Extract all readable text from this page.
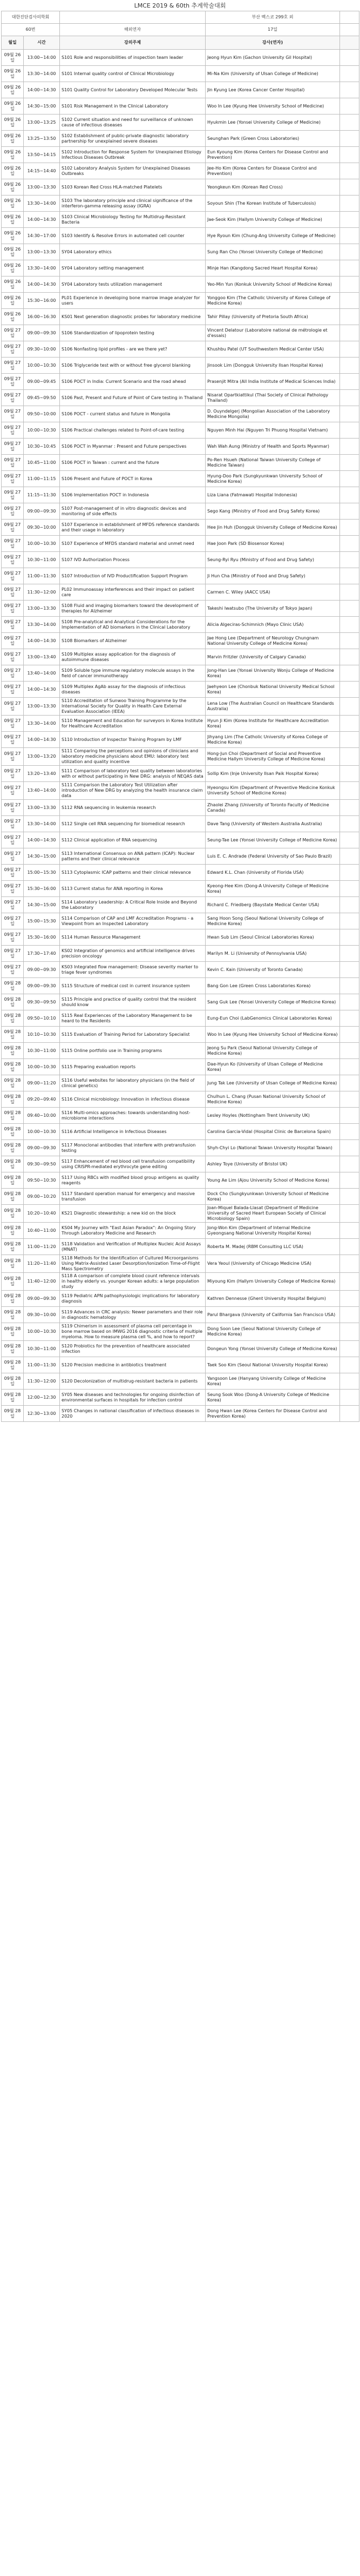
LMCE 2019 & 60th 추계학술대회
대한진단검사의학회			부산 벡스코 299호 외	
60번		해외연자	17일	
월일	시간	강의주제	강사(연자)	
09월 26일	13:00~14:00	S101 Role and responsibilities of inspection team leader	Jeong Hyun Kim (Gachon University Gil Hospital)	
09월 26일	13:30~14:00	S101 Internal quality control of Clinical Microbiology	Mi-Na Kim (University of Ulsan College of Medicine)	
09월 26일	14:00~14:30	S101 Quality Control for Laboratory Developed Molecular Tests	Jin Kyung Lee (Korea Cancer Center Hospital)	
09월 26일	14:30~15:00	S101 Risk Management in the Clinical Laboratory	Woo In Lee (Kyung Hee University School of Medicine)	
09월 26일	13:00~13:25	S102 Current situation and need for surveillance of unknown cause of infectious diseases	Hyukmin Lee (Yonsei University College of Medicine)	
09월 26일	13:25~13:50	S102 Establishment of public-private diagnostic laboratory partnership for unexplained severe diseases	Seunghan Park (Green Cross Laboratories)	
09월 26일	13:50~14:15	S102 Introduction for Response System for Unexplained Etiology Infectious Diseases Outbreak	Eun Kyoung Kim (Korea Centers for Disease Control and Prevention)	
09월 26일	14:15~14:40	S102 Laboratory Analysis System for Unexplained Diseases Outbreaks	Jee-Ho Kim (Korea Centers for Disease Control and Prevention)	
09월 26일	13:00~13:30	S103 Korean Red Cross HLA-matched Platelets	Yeongkeun Kim (Korean Red Cross)	
09월 26일	13:30~14:00	S103 The laboratory principle and clinical significance of the interferon-gamma releasing assay (IGRA)	Soyoun Shin (The Korean Institute of Tuberculosis)	
09월 26일	14:00~14:30	S103 Clinical Microbiology Testing for Multidrug-Resistant Bacteria	Jae-Seok Kim (Hallym University College of Medicine)	
09월 26일	14:30~17:00	S103 Identify & Resolve Errors in automated cell counter	Hye Ryoun Kim (Chung-Ang University College of Medicine)	
09월 26일	13:00~13:30	SY04 Laboratory ethics	Sung Ran Cho (Yonsei University College of Medicine)	
09월 26일	13:30~14:00	SY04 Laboratory setting management	Minje Han (Kangdong Sacred Heart Hospital Korea)	
09월 26일	14:00~14:30	SY04 Laboratory tests utilization management	Yeo-Min Yun (Konkuk University School of Medicine Korea)	
09월 26일	15:30~16:00	PL01 Experience in developing bone marrow image analyzer for users	Yonggoo Kim (The Catholic University of Korea College of Medicine Korea)	
09월 26일	16:00~16:30	KS01 Next generation diagnostic probes for laboratory medicine	Tahir Pillay (University of Pretoria South Africa)	
09월 27일	09:00~09:30	S106 Standardization of lipoprotein testing	Vincent Delatour (Laboratoire national de métrologie et d'essais)	
09월 27일	09:30~10:00	S106 Nonfasting lipid profiles - are we there yet?	Khushbu Patel (UT Southwestern Medical Center USA)	
09월 27일	10:00~10:30	S106 Triglyceride test with or without free glycerol blanking	Jinsook Lim (Dongguk University Ilsan Hospital Korea)	
09월 27일	09:00~09:45	S106 POCT in India: Current Scenario and the road ahead	Prasenjit Mitra (All India Institute of Medical Sciences India)	
09월 27일	09:45~09:50	S106 Past, Present and Future of Point of Care testing in Thailand	Nisarat Opartkiattikul (Thai Society of Clinical Pathology Thailand)	
09월 27일	09:50~10:00	S106 POCT - current status and future in Mongolia	D. Ouyndelgerj (Mongolian Association of the Laboratory Medicine Mongolia)	
09월 27일	10:00~10:30	S106 Practical challenges related to Point-of-care testing	Nguyen Minh Hai (Nguyen Tri Phuong Hospital Vietnam)	
09월 27일	10:30~10:45	S106 POCT in Myanmar : Present and Future perspectives	Wah Wah Aung (Ministry of Health and Sports Myanmar)	
09월 27일	10:45~11:00	S106 POCT in Taiwan : current and the future	Po-Ren Hsueh (National Taiwan University College of Medicine Taiwan)	
09월 27일	11:00~11:15	S106 Present and Future of POCT in Korea	Hyung-Doo Park (Sungkyunkwan University School of Medicine Korea)	
09월 27일	11:15~11:30	S106 Implementation POCT in Indonesia	Liza Liana (Fatmawati Hospital Indonesia)	
09월 27일	09:00~09:30	S107 Post-management of in vitro diagnostic devices and monitoring of side effects	Sego Kang (Ministry of Food and Drug Safety Korea)	
09월 27일	09:30~10:00	S107 Experience in establishment of MFDS reference standards and their usage in laboratory	Hee Jin Huh (Dongguk University College of Medicine Korea)	
09월 27일	10:00~10:30	S107 Experience of MFDS standard material and unmet need	Hae Joon Park (SD Biosensor Korea)	
09월 27일	10:30~11:00	S107 IVD Authorization Process	Seung-Ryi Ryu (Ministry of Food and Drug Safety)	
09월 27일	11:00~11:30	S107 Introduction of IVD Productification Support Program	Ji Hun Cha (Ministry of Food and Drug Safety)	
09월 27일	11:30~12:00	PL02 Immunoassay interferences and their impact on patient care	Carmen C. Wiley (AACC USA)	
09월 27일	13:00~13:30	S108 Fluid and imaging biomarkers toward the development of therapies for Alzheimer	Takeshi Iwatsubo (The University of Tokyo Japan)	
09월 27일	13:30~14:00	S108 Pre-analytical and Analytical Considerations for the Implementation of AD biomarkers in the Clinical Laboratory	Alicia Algeciras-Schimnich (Mayo Clinic USA)	
09월 27일	14:00~14:30	S108 Biomarkers of Alzheimer	Jae Hong Lee (Department of Neurology Chungnam National University College of Medicine Korea)	
09월 27일	13:00~13:40	S109 Multiplex assay application for the diagnosis of autoimmune diseases	Marvin Fritzler (University of Calgary Canada)	
09월 27일	13:40~14:00	S109 Soluble type immune regulatory molecule assays in the field of cancer immunotherapy	Jong-Han Lee (Yonsei University Wonju College of Medicine Korea)	
09월 27일	14:00~14:30	S109 Multiplex AgAb assay for the diagnosis of infectious diseases	Jaehyeon Lee (Chonbuk National University Medical School Korea)	
09월 27일	13:00~13:30	S110 Accreditation of Sunwoo Training Programme by the International Society for Quality in Health Care External Evaluation Association (IEEA)	Lena Low (The Australian Council on Healthcare Standards Australia)	
09월 27일	13:30~14:00	S110 Management and Education for surveyors in Korea Institute for Healthcare Accreditation	Hyun Ji Kim (Korea Institute for Healthcare Accreditation Korea)	
09월 27일	14:00~14:30	S110 Introduction of Inspector Training Program by LMF	Jihyang Lim (The Catholic University of Korea College of Medicine Korea)	
09월 27일	13:00~13:20	S111 Comparing the perceptions and opinions of clinicians and laboratory medicine physicians about EMU: laboratory test utilization and quality incentive	Hong-Jun Choi (Department of Social and Preventive Medicine Hallym University College of Medicine Korea)	
09월 27일	13:20~13:40	S111 Comparison of laboratory test quality between laboratories with or without participating in New DRG: analysis of NEQAS data	Sollip Kim (Inje University Ilsan Paik Hospital Korea)	
09월 27일	13:40~14:00	S111 Comparison the Laboratory Test Utilization after introduction of New DRG by analyzing the health insurance claim data	Hyeongsu Kim (Department of Preventive Medicine Konkuk University School of Medicine Korea)	
09월 27일	13:00~13:30	S112 RNA sequencing in leukemia research	Zhaolei Zhang (University of Toronto Faculty of Medicine Canada)	
09월 27일	13:30~14:00	S112 Single cell RNA sequencing for biomedical research	Dave Tang (University of Western Australia Australia)	
09월 27일	14:00~14:30	S112 Clinical application of RNA sequencing	Seung-Tae Lee (Yonsei University College of Medicine Korea)	
09월 27일	14:30~15:00	S113 International Consensus on ANA pattern (ICAP): Nuclear patterns and their clinical relevance	Luis E. C. Andrade (Federal University of Sao Paulo Brazil)	
09월 27일	15:00~15:30	S113 Cytoplasmic ICAP patterns and their clinical relevance	Edward K.L. Chan (University of Florida USA)	
09월 27일	15:30~16:00	S113 Current status for ANA reporting in Korea	Kyeong-Hee Kim (Dong-A University College of Medicine Korea)	
09월 27일	14:30~15:00	S114 Laboratory Leadership: A Critical Role Inside and Beyond the Laboratory	Richard C. Friedberg (Baystate Medical Center USA)	
09월 27일	15:00~15:30	S114 Comparison of CAP and LMF Accreditation Programs - a Viewpoint from an Inspected Laboratory	Sang Hoon Song (Seoul National University College of Medicine Korea)	
09월 27일	15:30~16:00	S114 Human Resource Management	Hwan Sub Lim (Seoul Clinical Laboratories Korea)	
09월 27일	17:30~17:40	KS02 Integration of genomics and artificial intelligence drives precision oncology	Marilyn M. Li (University of Pennsylvania USA)	
09월 27일	09:00~09:30	KS03 Integrated flow management: Disease severity marker to triage fever syndromes	Kevin C. Kain (University of Toronto Canada)	
09월 28일	09:00~09:30	S115 Structure of medical cost in current insurance system	Bang Gon Lee (Green Cross Laboratories Korea)	
09월 28일	09:30~09:50	S115 Principle and practice of quality control that the resident should know	Sang Guk Lee (Yonsei University College of Medicine Korea)	
09월 28일	09:50~10:10	S115 Real Experiences of the Laboratory Management to be heard to the Residents	Eung-Eun Choi (LabGenomics Clinical Laboratories Korea)	
09월 28일	10:10~10:30	S115 Evaluation of Training Period for Laboratory Specialist	Woo In Lee (Kyung Hee University School of Medicine Korea)	
09월 28일	10:30~11:00	S115 Online portfolio use in Training programs	Jeong Su Park (Seoul National University College of Medicine Korea)	
09월 28일	10:00~10:30	S115 Preparing evaluation reports	Dae-Hyun Ko (University of Ulsan College of Medicine Korea)	
09월 28일	09:00~11:20	S116 Useful websites for laboratory physicians (in the field of clinical genetics)	Jung Tak Lee (University of Ulsan College of Medicine Korea)	
09월 28일	09:20~09:40	S116 Clinical microbiology: Innovation in infectious disease	Chulhun L. Chang (Pusan National University School of Medicine Korea)	
09월 28일	09:40~10:00	S116 Multi-omics approaches: towards understanding host-microbiome interactions	Lesley Hoyles (Nottingham Trent University UK)	
09월 28일	10:00~10:30	S116 Artificial Intelligence in Infectious Diseases	Carolina Garcia-Vidal (Hospital Clinic de Barcelona Spain)	
09월 28일	09:00~09:30	S117 Monoclonal antibodies that interfere with pretransfusion testing	Shyh-Chyi Lo (National Taiwan University Hospital Taiwan)	
09월 28일	09:30~09:50	S117 Enhancement of red blood cell transfusion compatibility using CRISPR-mediated erythrocyte gene editing	Ashley Toye (University of Bristol UK)	
09월 28일	09:50~10:30	S117 Using RBCs with modified blood group antigens as quality reagents	Young Ae Lim (Ajou University School of Medicine Korea)	
09월 28일	09:00~10:20	S117 Standard operation manual for emergency and massive transfusion	Dock Cho (Sungkyunkwan University School of Medicine Korea)	
09월 28일	10:20~10:40	KS21 Diagnostic stewardship: a new kid on the block	Joan-Miquel Balada-Llasat (Department of Medicine University of Sacred Heart European Society of Clinical Microbiology Spain)	
09월 28일	10:40~11:00	KS04 My Journey with "East Asian Paradox": An Ongoing Story Through Laboratory Medicine and Research	Jong-Won Kim (Department of Internal Medicine Gyeongsang National University Hospital Korea)	
09월 28일	11:00~11:20	S118 Validation and Verification of Multiplex Nucleic Acid Assays (MNAT)	Roberta M. Madej (RBM Consulting LLC USA)	
09월 28일	11:20~11:40	S118 Methods for the Identification of Cultured Microorganisms Using Matrix-Assisted Laser Desorption/Ionization Time-of-Flight Mass Spectrometry	Vera Yeoul (University of Chicago Medicine USA)	
09월 28일	11:40~12:00	S118 A comparison of complete blood count reference intervals in healthy elderly vs. younger Korean adults: a large population study	Miyoung Kim (Hallym University College of Medicine Korea)	
09월 28일	09:00~09:30	S119 Pediatric APN pathophysiologic implications for laboratory diagnosis	Kathren Dennesse (Ghent University Hospital Belgium)	
09월 28일	09:30~10:00	S119 Advances in CRC analysis: Newer parameters and their role in diagnostic hematology	Parul Bhargava (University of California San Francisco USA)	
09월 28일	10:00~10:30	S119 Chimerism in assessment of plasma cell percentage in bone marrow based on IMWG 2016 diagnostic criteria of multiple myeloma. How to measure plasma cell %, and how to report?	Dong Soon Lee (Seoul National University College of Medicine Korea)	
09월 28일	10:30~11:00	S120 Probiotics for the prevention of healthcare associated infection	Dongeun Yong (Yonsei University College of Medicine Korea)	
09월 28일	11:00~11:30	S120 Precision medicine in antibiotics treatment	Taek Soo Kim (Seoul National University Hospital Korea)	
09월 28일	11:30~12:00	S120 Decolonization of multidrug-resistant bacteria in patients	Yangsoon Lee (Hanyang University College of Medicine Korea)	
09월 28일	12:00~12:30	SY05 New diseases and technologies for ongoing disinfection of environmental surfaces in hospitals for infection control	Seung Sook Woo (Dong-A University College of Medicine Korea)	
09월 28일	12:30~13:00	SY05 Changes in national classification of infectious diseases in 2020	Dong Hwan Lee (Korea Centers for Disease Control and Prevention Korea)	
